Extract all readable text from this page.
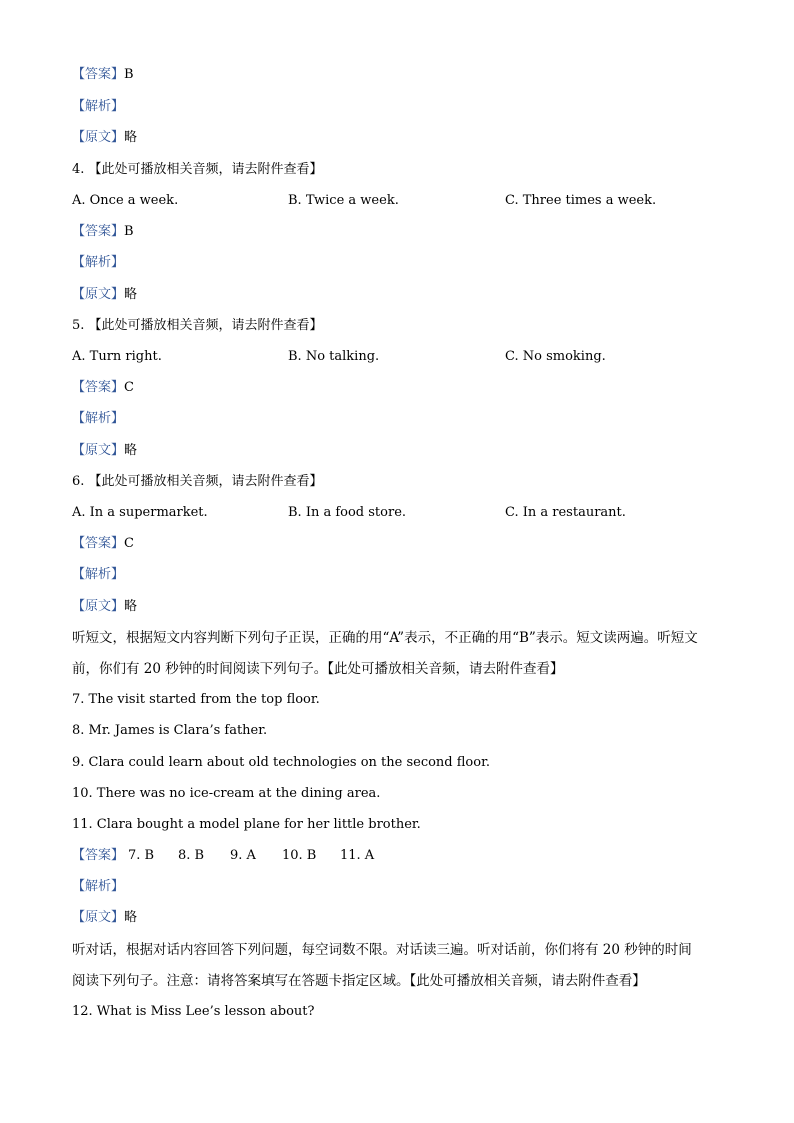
【答案】B
【解析】
【原文】略
4. 【此处可播放相关音频，请去附件查看】
A. Once a week.	B. Twice a week.	C. Three times a week.
【答案】B
【解析】
【原文】略
5. 【此处可播放相关音频，请去附件查看】
A. Turn right.	B. No talking.	C. No smoking.
【答案】C
【解析】
【原文】略
6. 【此处可播放相关音频，请去附件查看】
A. In a supermarket.	B. In a food store.	C. In a restaurant.
【答案】C
【解析】
【原文】略
听短文，根据短文内容判断下列句子正误，正确的用“A”表示，不正确的用“B”表示。短文读两遍。听短文
前，你们有 20 秒钟的时间阅读下列句子。【此处可播放相关音频，请去附件查看】
7. The visit started from the top floor.
8. Mr. James is Clara’s father.
9. Clara could learn about old technologies on the second floor.
10. There was no ice-cream at the dining area.
11. Clara bought a model plane for her little brother.
【答案】 7. B 8. B 9. A 10. B 11. A
【解析】
【原文】略
听对话，根据对话内容回答下列问题，每空词数不限。对话读三遍。听对话前，你们将有 20 秒钟的时间
阅读下列句子。注意：请将答案填写在答题卡指定区域。【此处可播放相关音频，请去附件查看】
12. What is Miss Lee’s lesson about?
